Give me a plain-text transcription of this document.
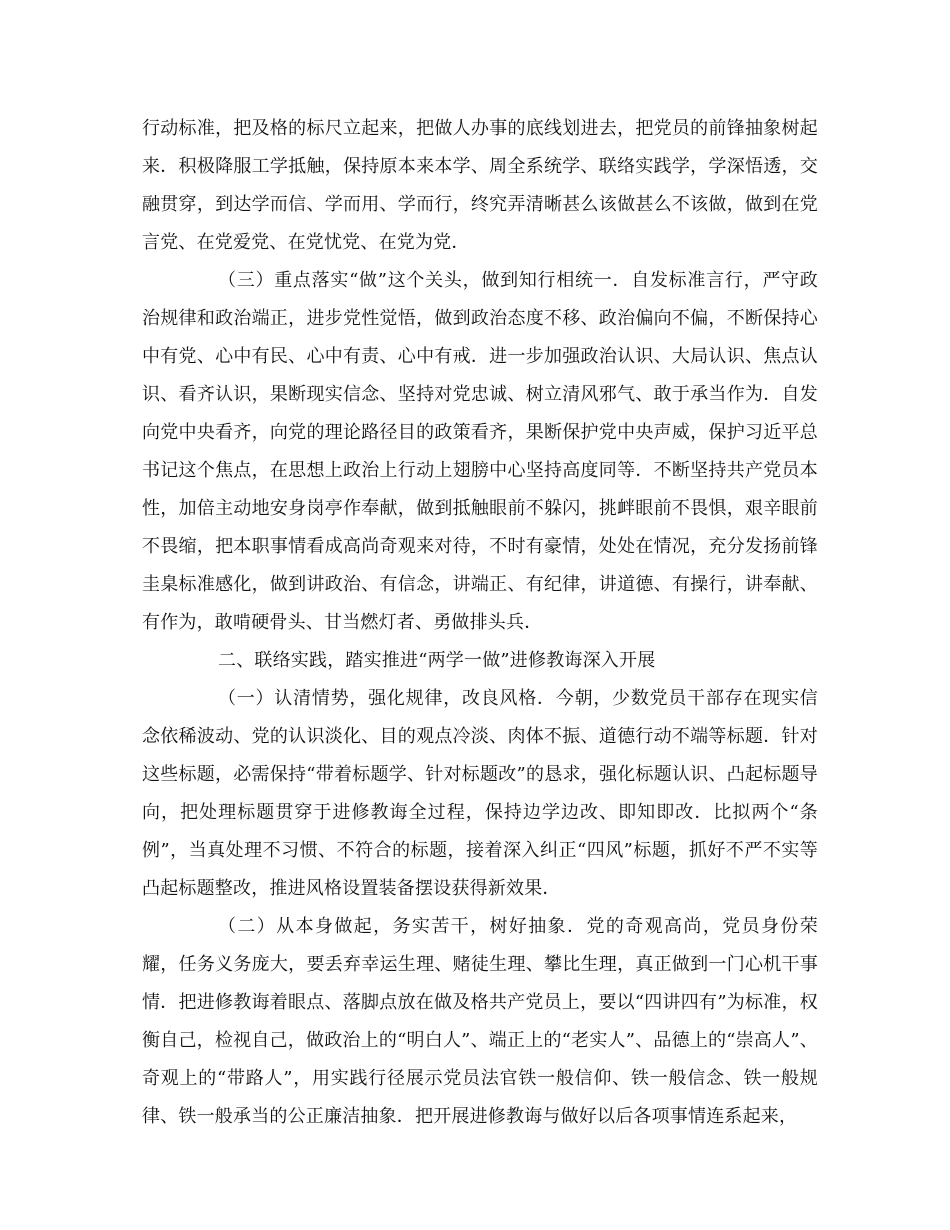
行动标准，把及格的标尺立起来，把做人办事的底线划进去，把党员的前锋抽象树起来．积极降服工学抵触，保持原本来本学、周全系统学、联络实践学，学深悟透，交融贯穿，到达学而信、学而用、学而行，终究弄清晰甚么该做甚么不该做，做到在党言党、在党爱党、在党忧党、在党为党．

（三）重点落实“做”这个关头，做到知行相统一．自发标准言行，严守政治规律和政治端正，进步党性觉悟，做到政治态度不移、政治偏向不偏，不断保持心中有党、心中有民、心中有责、心中有戒．进一步加强政治认识、大局认识、焦点认识、看齐认识，果断现实信念、坚持对党忠诚、树立清风邪气、敢于承当作为．自发向党中央看齐，向党的理论路径目的政策看齐，果断保护党中央声威，保护习近平总书记这个焦点，在思想上政治上行动上翅膀中心坚持高度同等．不断坚持共产党员本性，加倍主动地安身岗亭作奉献，做到抵触眼前不躲闪，挑衅眼前不畏惧，艰辛眼前不畏缩，把本职事情看成高尚奇观来对待，不时有豪情，处处在情况，充分发扬前锋圭臬标准感化，做到讲政治、有信念，讲端正、有纪律，讲道德、有操行，讲奉献、有作为，敢啃硬骨头、甘当燃灯者、勇做排头兵．

二、联络实践，踏实推进“两学一做”进修教诲深入开展

（一）认清情势，强化规律，改良风格．今朝，少数党员干部存在现实信念依稀波动、党的认识淡化、目的观点冷淡、肉体不振、道德行动不端等标题．针对这些标题，必需保持“带着标题学、针对标题改”的恳求，强化标题认识、凸起标题导向，把处理标题贯穿于进修教诲全过程，保持边学边改、即知即改．比拟两个“条例”，当真处理不习惯、不符合的标题，接着深入纠正“四风”标题，抓好不严不实等凸起标题整改，推进风格设置装备摆设获得新效果．

（二）从本身做起，务实苦干，树好抽象．党的奇观高尚，党员身份荣耀，任务义务庞大，要丢弃幸运生理、赌徒生理、攀比生理，真正做到一门心机干事情．把进修教诲着眼点、落脚点放在做及格共产党员上，要以“四讲四有”为标准，权衡自己，检视自己，做政治上的“明白人”、端正上的“老实人”、品德上的“崇高人”、奇观上的“带路人”，用实践行径展示党员法官铁一般信仰、铁一般信念、铁一般规律、铁一般承当的公正廉洁抽象．把开展进修教诲与做好以后各项事情连系起来，
